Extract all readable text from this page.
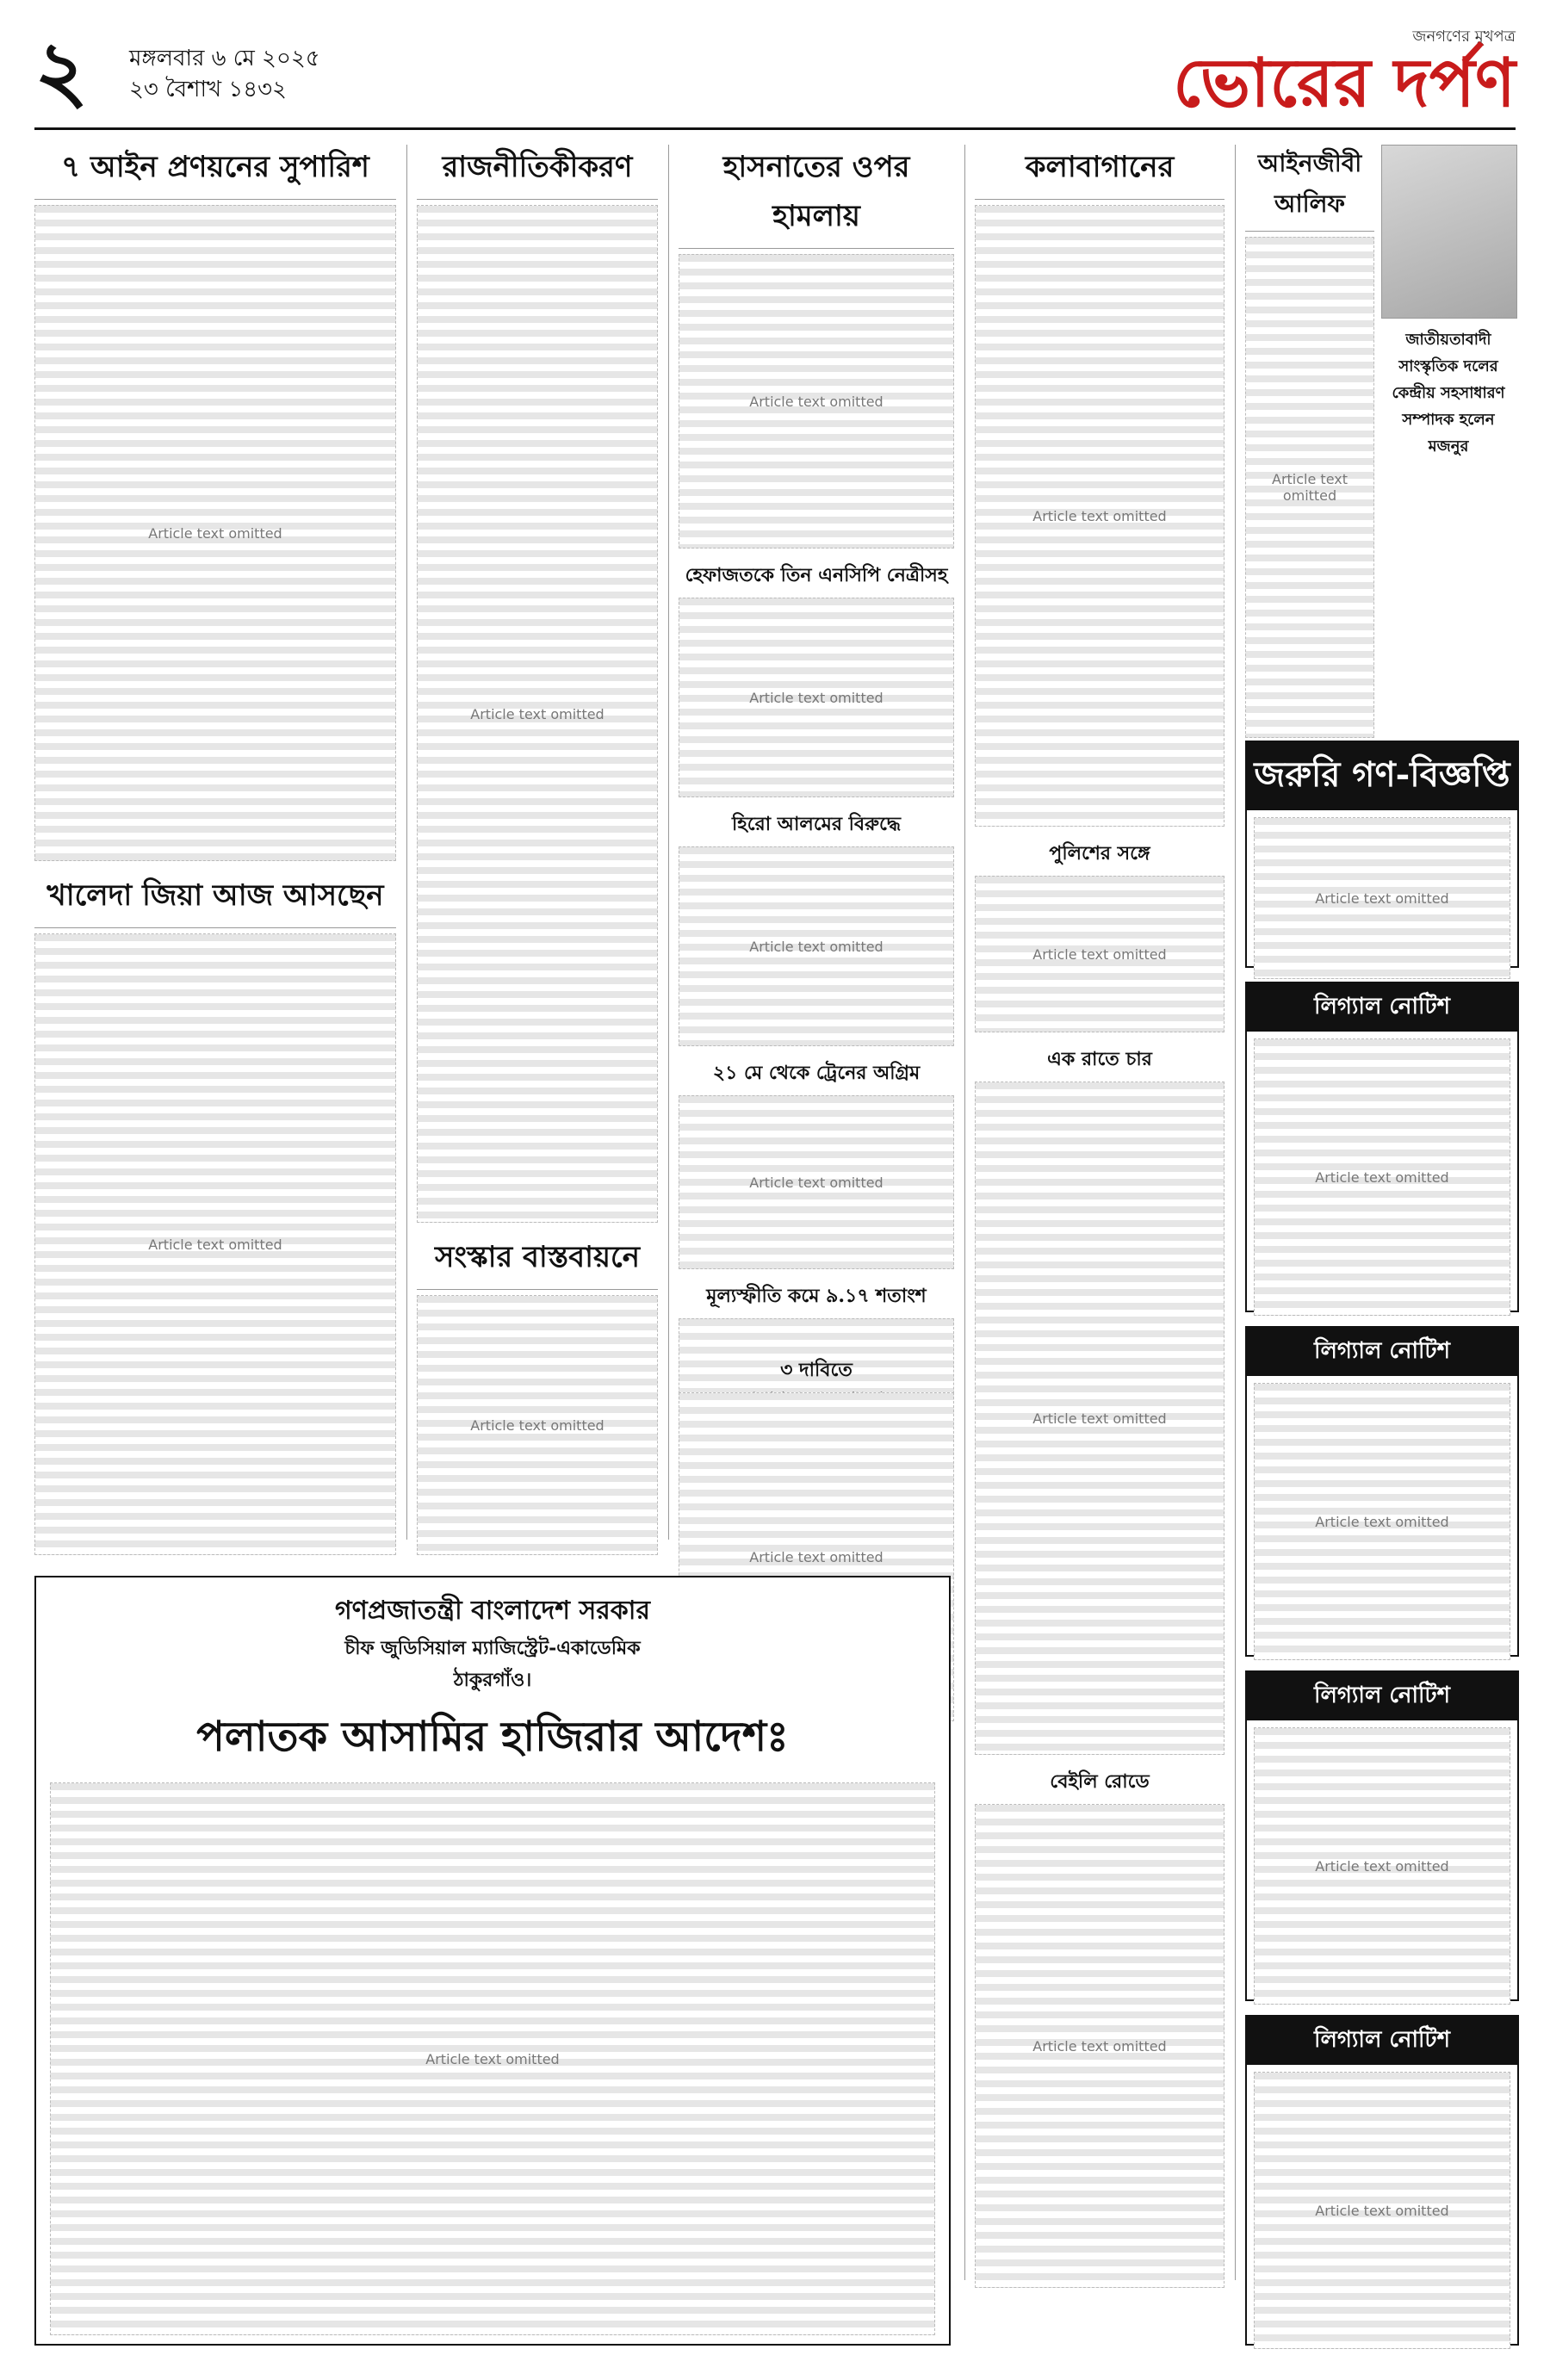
২ মঙ্গলবার ৬ মে ২০২৫
২৩ বৈশাখ ১৪৩২
জনগণের মুখপত্র
ভোরের দর্পণ
৭ আইন প্রণয়নের সুপারিশ
Article text omitted
খালেদা জিয়া আজ আসছেন
Article text omitted
রাজনীতিকীকরণ
Article text omitted
সংস্কার বাস্তবায়নে
Article text omitted
হাসনাতের ওপর হামলায়
Article text omitted
হেফাজতকে তিন এনসিপি নেত্রীসহ
Article text omitted
হিরো আলমের বিরুদ্ধে
Article text omitted
২১ মে থেকে ট্রেনের অগ্রিম
Article text omitted
মূল্যস্ফীতি কমে ৯.১৭ শতাংশ
৩ দাবিতে
Article text omitted
কলাবাগানের
Article text omitted
পুলিশের সঙ্গে
Article text omitted
এক রাতে চার
Article text omitted
বেইলি রোডে
Article text omitted
আইনজীবী আলিফ
Article text omitted
জাতীয়তাবাদী সাংস্কৃতিক দলের কেন্দ্রীয় সহসাধারণ সম্পাদক হলেন মজনুর
জরুরি গণ-বিজ্ঞপ্তি
Article text omitted
লিগ্যাল নোটিশ
Article text omitted
লিগ্যাল নোটিশ
Article text omitted
লিগ্যাল নোটিশ
Article text omitted
লিগ্যাল নোটিশ
Article text omitted
গণপ্রজাতন্ত্রী বাংলাদেশ সরকার
চীফ জুডিসিয়াল ম্যাজিস্ট্রেট-একাডেমিক
ঠাকুরগাঁও।
পলাতক আসামির হাজিরার আদেশঃ
Article text omitted
